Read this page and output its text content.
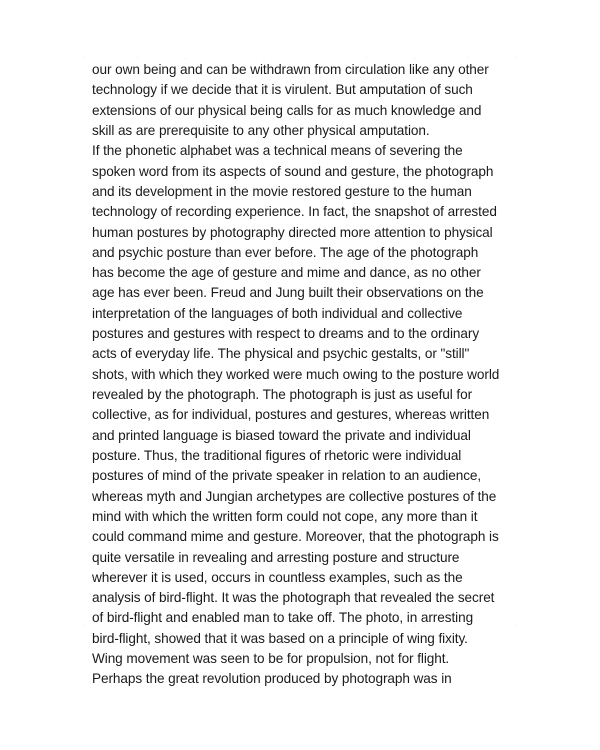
our own being and can be withdrawn from circulation like any other
technology if we decide that it is virulent. But amputation of such
extensions of our physical being calls for as much knowledge and
skill as are prerequisite to any other physical amputation.
If the phonetic alphabet was a technical means of severing the
spoken word from its aspects of sound and gesture, the photograph
and its development in the movie restored gesture to the human
technology of recording experience. In fact, the snapshot of arrested
human postures by photography directed more attention to physical
and psychic posture than ever before. The age of the photograph
has become the age of gesture and mime and dance, as no other
age has ever been. Freud and Jung built their observations on the
interpretation of the languages of both individual and collective
postures and gestures with respect to dreams and to the ordinary
acts of everyday life. The physical and psychic gestalts, or "still"
shots, with which they worked were much owing to the posture world
revealed by the photograph. The photograph is just as useful for
collective, as for individual, postures and gestures, whereas written
and printed language is biased toward the private and individual
posture. Thus, the traditional figures of rhetoric were individual
postures of mind of the private speaker in relation to an audience,
whereas myth and Jungian archetypes are collective postures of the
mind with which the written form could not cope, any more than it
could command mime and gesture. Moreover, that the photograph is
quite versatile in revealing and arresting posture and structure
wherever it is used, occurs in countless examples, such as the
analysis of bird-flight. It was the photograph that revealed the secret
of bird-flight and enabled man to take off. The photo, in arresting
bird-flight, showed that it was based on a principle of wing fixity.
Wing movement was seen to be for propulsion, not for flight.
Perhaps the great revolution produced by photograph was in
